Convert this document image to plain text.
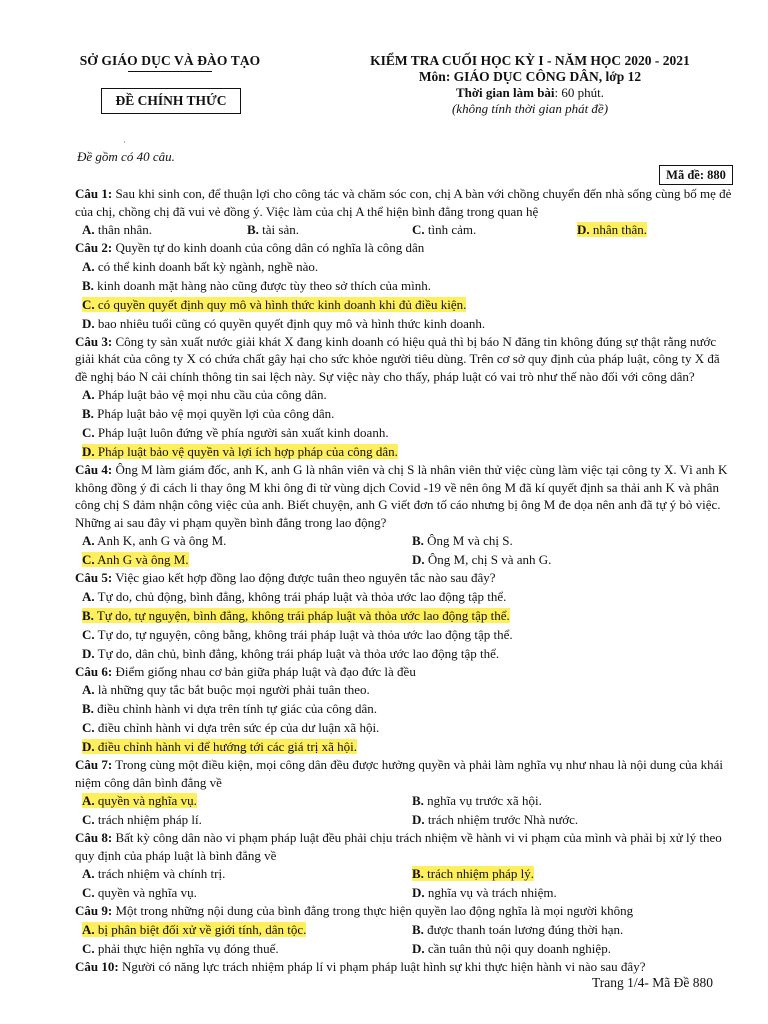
SỞ GIÁO DỤC VÀ ĐÀO TẠO
ĐỀ CHÍNH THỨC
KIỂM TRA CUỐI HỌC KỲ I - NĂM HỌC 2020 - 2021
Môn: GIÁO DỤC CÔNG DÂN, lớp 12
Thời gian làm bài: 60 phút.
(không tính thời gian phát đề)
·
Đề gồm có 40 câu.
Mã đề: 880
Câu 1: Sau khi sinh con, để thuận lợi cho công tác và chăm sóc con, chị A bàn với chồng chuyển đến nhà sống cùng bố mẹ đẻ của chị, chồng chị đã vui vẻ đồng ý. Việc làm của chị A thể hiện bình đẳng trong quan hệ
A. thân nhân.	B. tài sản.	C. tình cảm.	D. nhân thân.
Câu 2: Quyền tự do kinh doanh của công dân có nghĩa là công dân
A. có thể kinh doanh bất kỳ ngành, nghề nào.
B. kinh doanh mặt hàng nào cũng được tùy theo sở thích của mình.
C. có quyền quyết định quy mô và hình thức kinh doanh khi đủ điều kiện.
D. bao nhiêu tuổi cũng có quyền quyết định quy mô và hình thức kinh doanh.
Câu 3: Công ty sản xuất nước giải khát X đang kinh doanh có hiệu quả thì bị báo N đăng tin không đúng sự thật rằng nước giải khát của công ty X có chứa chất gây hại cho sức khỏe người tiêu dùng. Trên cơ sở quy định của pháp luật, công ty X đã đề nghị báo N cải chính thông tin sai lệch này. Sự việc này cho thấy, pháp luật có vai trò như thế nào đối với công dân?
A. Pháp luật bảo vệ mọi nhu cầu của công dân.
B. Pháp luật bảo vệ mọi quyền lợi của công dân.
C. Pháp luật luôn đứng về phía người sản xuất kinh doanh.
D. Pháp luật bảo vệ quyền và lợi ích hợp pháp của công dân.
Câu 4: Ông M làm giám đốc, anh K, anh G là nhân viên và chị S là nhân viên thử việc cùng làm việc tại công ty X. Vì anh K không đồng ý đi cách li thay ông M khi ông đi từ vùng dịch Covid -19 về nên ông M đã kí quyết định sa thải anh K và phân công chị S đảm nhận công việc của anh. Biết chuyện, anh G viết đơn tố cáo nhưng bị ông M đe dọa nên anh đã tự ý bỏ việc. Những ai sau đây vi phạm quyền bình đẳng trong lao động?
A. Anh K, anh G và ông M.	B. Ông M và chị S.
C. Anh G và ông M.	D. Ông M, chị S và anh G.
Câu 5: Việc giao kết hợp đồng lao động được tuân theo nguyên tắc nào sau đây?
A. Tự do, chủ động, bình đẳng, không trái pháp luật và thỏa ước lao động tập thể.
B. Tự do, tự nguyện, bình đẳng, không trái pháp luật và thỏa ước lao động tập thể.
C. Tự do, tự nguyện, công bằng, không trái pháp luật và thỏa ước lao động tập thể.
D. Tự do, dân chủ, bình đẳng, không trái pháp luật và thỏa ước lao động tập thể.
Câu 6: Điểm giống nhau cơ bản giữa pháp luật và đạo đức là đều
A. là những quy tắc bắt buộc mọi người phải tuân theo.
B. điều chỉnh hành vi dựa trên tính tự giác của công dân.
C. điều chỉnh hành vi dựa trên sức ép của dư luận xã hội.
D. điều chỉnh hành vi để hướng tới các giá trị xã hội.
Câu 7: Trong cùng một điều kiện, mọi công dân đều được hưởng quyền và phải làm nghĩa vụ như nhau là nội dung của khái niệm công dân bình đẳng về
A. quyền và nghĩa vụ.	B. nghĩa vụ trước xã hội.
C. trách nhiệm pháp lí.	D. trách nhiệm trước Nhà nước.
Câu 8: Bất kỳ công dân nào vi phạm pháp luật đều phải chịu trách nhiệm về hành vi vi phạm của mình và phải bị xử lý theo quy định của pháp luật là bình đẳng về
A. trách nhiệm và chính trị.	B. trách nhiệm pháp lý.
C. quyền và nghĩa vụ.	D. nghĩa vụ và trách nhiệm.
Câu 9: Một trong những nội dung của bình đẳng trong thực hiện quyền lao động nghĩa là mọi người không
A. bị phân biệt đối xử về giới tính, dân tộc.	B. được thanh toán lương đúng thời hạn.
C. phải thực hiện nghĩa vụ đóng thuế.	D. cần tuân thủ nội quy doanh nghiệp.
Câu 10: Người có năng lực trách nhiệm pháp lí vi phạm pháp luật hình sự khi thực hiện hành vi nào sau đây?
Trang 1/4- Mã Đề 880
